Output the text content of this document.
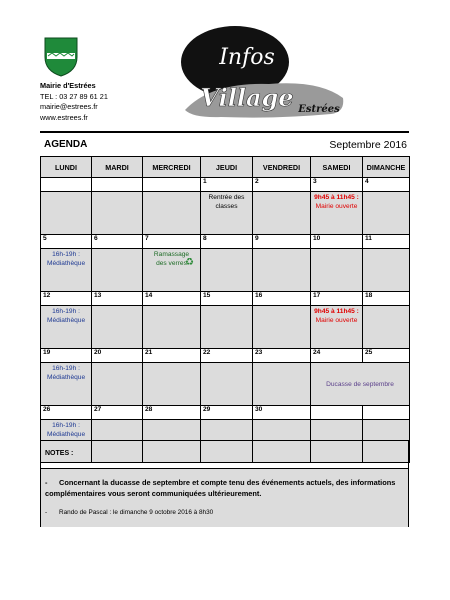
Mairie d'Estrées
TEL : 03 27 89 61 21
mairie@estrees.fr
www.estrees.fr
Infos
Village Estrées
AGENDA	Septembre 2016
LUNDI	MARDI	MERCREDI	JEUDI	VENDREDI	SAMEDI	DIMANCHE
			1	2	3	4

			Rentrée des classes		9h45 à 11h45 :
Mairie ouverte	

5	6	7	8	9	10	11

16h-19h : Médiathèque		Ramassage des verres
♻				

12	13	14	15	16	17	18

16h-19h : Médiathèque					9h45 à 11h45 :
Mairie ouverte	

19	20	21	22	23	24	25

16h-19h : Médiathèque					Ducasse de septembre	

26	27	28	29	30		

16h-19h : Médiathèque						

NOTES :
- Concernant la ducasse de septembre et compte tenu des événements actuels, des informations complémentaires vous seront communiquées ultérieurement.
- Rando de Pascal : le dimanche 9 octobre 2016 à 8h30
